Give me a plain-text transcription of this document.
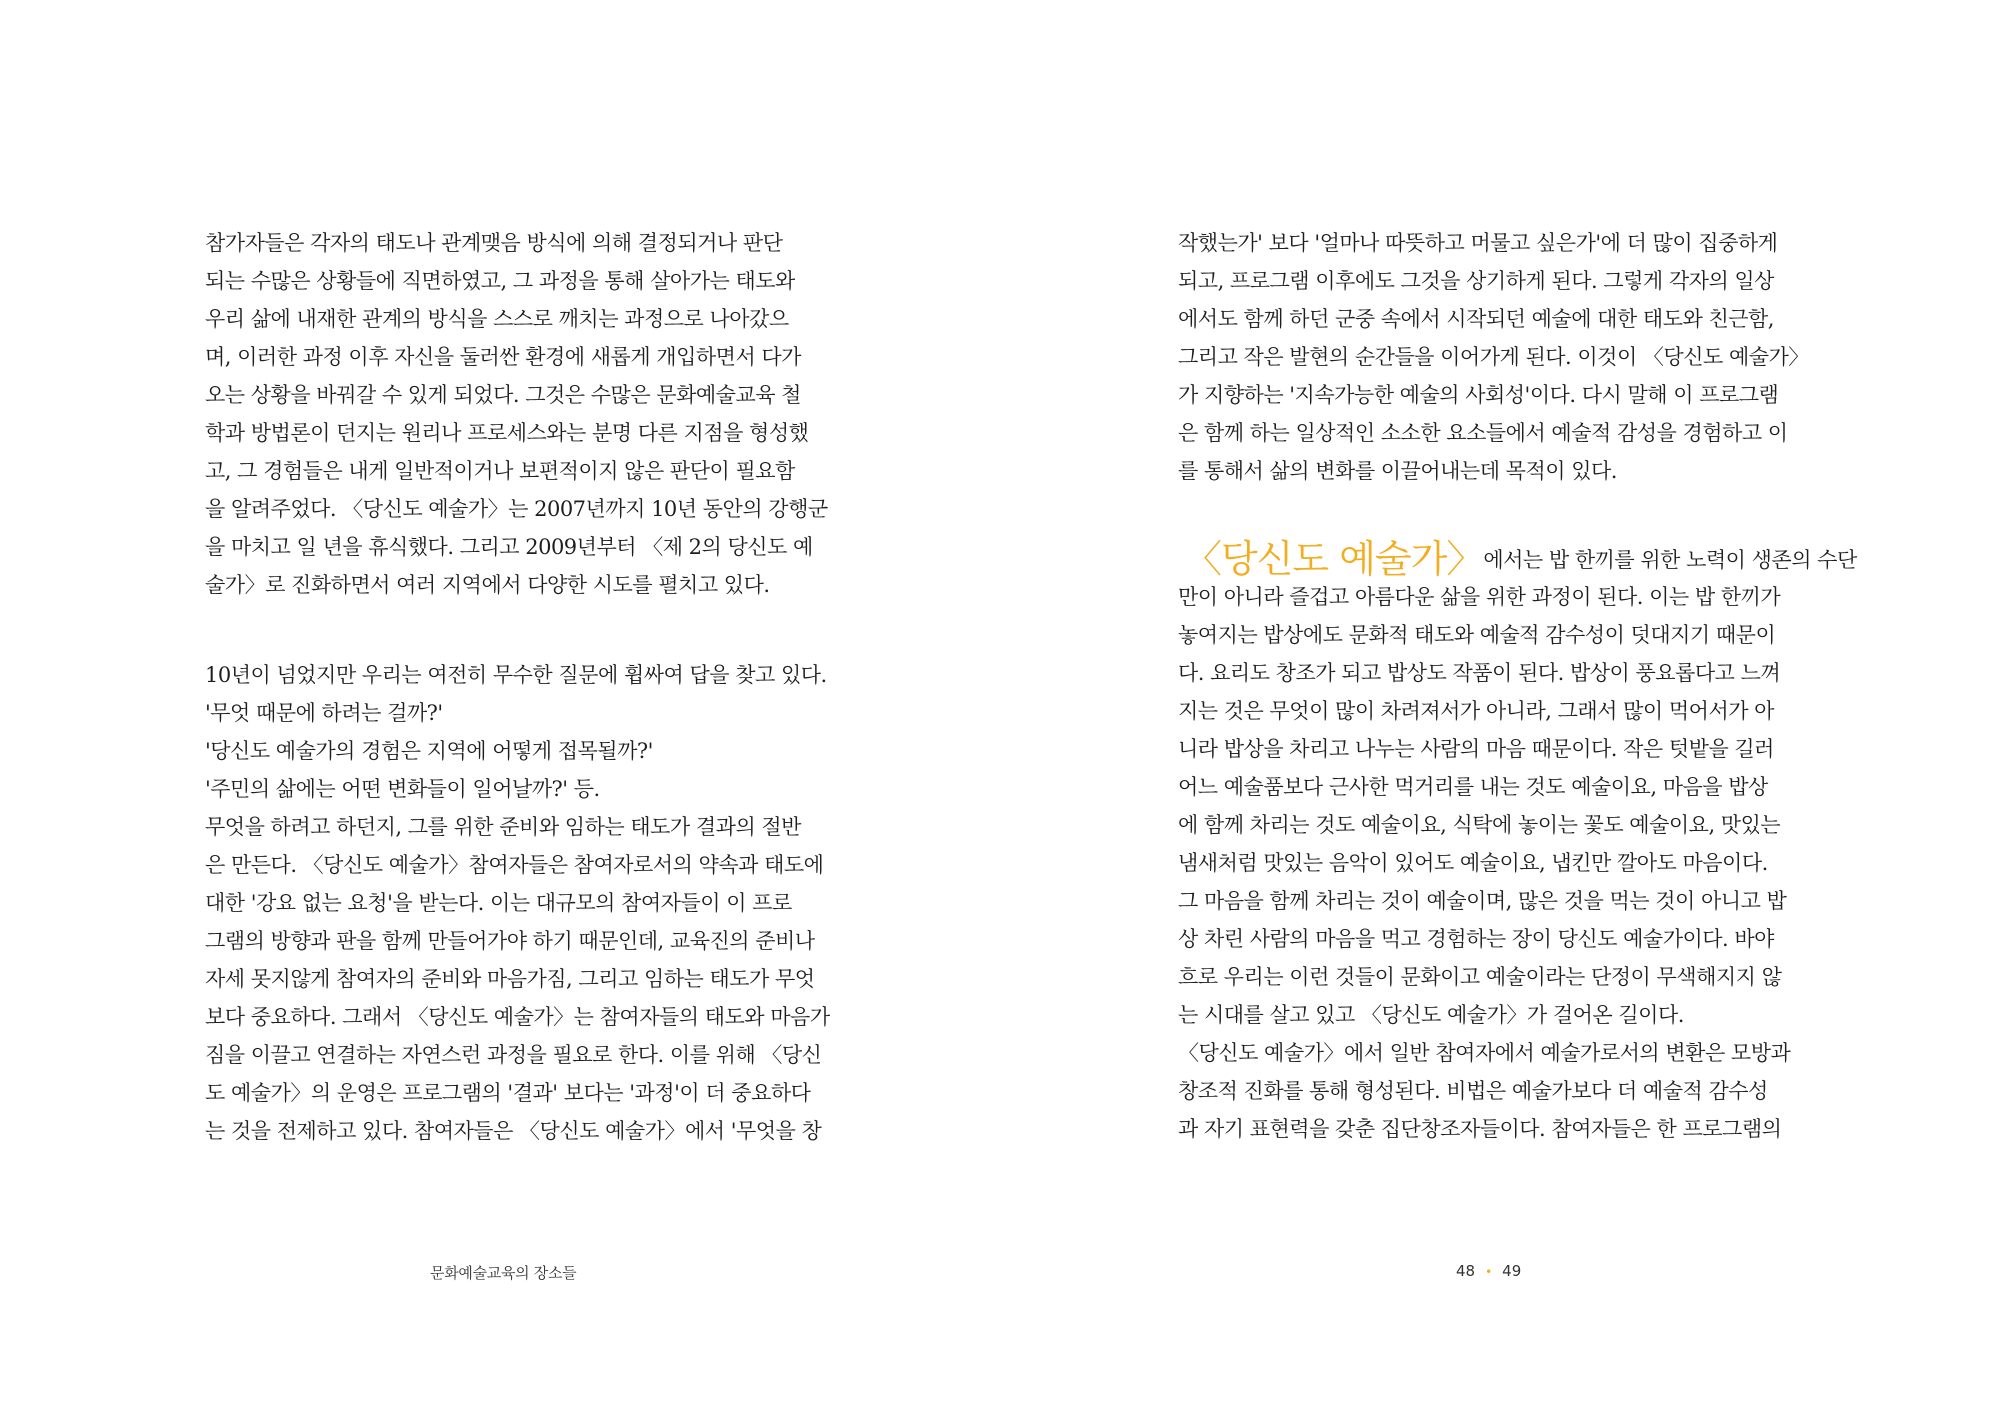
참가자들은 각자의 태도나 관계맺음 방식에 의해 결정되거나 판단
되는 수많은 상황들에 직면하였고, 그 과정을 통해 살아가는 태도와
우리 삶에 내재한 관계의 방식을 스스로 깨치는 과정으로 나아갔으
며, 이러한 과정 이후 자신을 둘러싼 환경에 새롭게 개입하면서 다가
오는 상황을 바꿔갈 수 있게 되었다. 그것은 수많은 문화예술교육 철
학과 방법론이 던지는 원리나 프로세스와는 분명 다른 지점을 형성했
고, 그 경험들은 내게 일반적이거나 보편적이지 않은 판단이 필요함
을 알려주었다. 〈당신도 예술가〉는 2007년까지 10년 동안의 강행군
을 마치고 일 년을 휴식했다. 그리고 2009년부터 〈제 2의 당신도 예
술가〉로 진화하면서 여러 지역에서 다양한 시도를 펼치고 있다.
10년이 넘었지만 우리는 여전히 무수한 질문에 휩싸여 답을 찾고 있다.
'무엇 때문에 하려는 걸까?'
'당신도 예술가의 경험은 지역에 어떻게 접목될까?'
'주민의 삶에는 어떤 변화들이 일어날까?' 등.
무엇을 하려고 하던지, 그를 위한 준비와 임하는 태도가 결과의 절반
은 만든다. 〈당신도 예술가〉참여자들은 참여자로서의 약속과 태도에
대한 '강요 없는 요청'을 받는다. 이는 대규모의 참여자들이 이 프로
그램의 방향과 판을 함께 만들어가야 하기 때문인데, 교육진의 준비나
자세 못지않게 참여자의 준비와 마음가짐, 그리고 임하는 태도가 무엇
보다 중요하다. 그래서 〈당신도 예술가〉는 참여자들의 태도와 마음가
짐을 이끌고 연결하는 자연스런 과정을 필요로 한다. 이를 위해 〈당신
도 예술가〉의 운영은 프로그램의 '결과' 보다는 '과정'이 더 중요하다
는 것을 전제하고 있다. 참여자들은 〈당신도 예술가〉에서 '무엇을 창
문화예술교육의 장소들
작했는가' 보다 '얼마나 따뜻하고 머물고 싶은가'에 더 많이 집중하게
되고, 프로그램 이후에도 그것을 상기하게 된다. 그렇게 각자의 일상
에서도 함께 하던 군중 속에서 시작되던 예술에 대한 태도와 친근함,
그리고 작은 발현의 순간들을 이어가게 된다. 이것이 〈당신도 예술가〉
가 지향하는 '지속가능한 예술의 사회성'이다. 다시 말해 이 프로그램
은 함께 하는 일상적인 소소한 요소들에서 예술적 감성을 경험하고 이
를 통해서 삶의 변화를 이끌어내는데 목적이 있다.
〈당신도 예술가〉에서는 밥 한끼를 위한 노력이 생존의 수단
만이 아니라 즐겁고 아름다운 삶을 위한 과정이 된다. 이는 밥 한끼가
놓여지는 밥상에도 문화적 태도와 예술적 감수성이 덧대지기 때문이
다. 요리도 창조가 되고 밥상도 작품이 된다. 밥상이 풍요롭다고 느껴
지는 것은 무엇이 많이 차려져서가 아니라, 그래서 많이 먹어서가 아
니라 밥상을 차리고 나누는 사람의 마음 때문이다. 작은 텃밭을 길러
어느 예술품보다 근사한 먹거리를 내는 것도 예술이요, 마음을 밥상
에 함께 차리는 것도 예술이요, 식탁에 놓이는 꽃도 예술이요, 맛있는
냄새처럼 맛있는 음악이 있어도 예술이요, 냅킨만 깔아도 마음이다.
그 마음을 함께 차리는 것이 예술이며, 많은 것을 먹는 것이 아니고 밥
상 차린 사람의 마음을 먹고 경험하는 장이 당신도 예술가이다. 바야
흐로 우리는 이런 것들이 문화이고 예술이라는 단정이 무색해지지 않
는 시대를 살고 있고 〈당신도 예술가〉가 걸어온 길이다.
〈당신도 예술가〉에서 일반 참여자에서 예술가로서의 변환은 모방과
창조적 진화를 통해 형성된다. 비법은 예술가보다 더 예술적 감수성
과 자기 표현력을 갖춘 집단창조자들이다. 참여자들은 한 프로그램의
48 • 49
